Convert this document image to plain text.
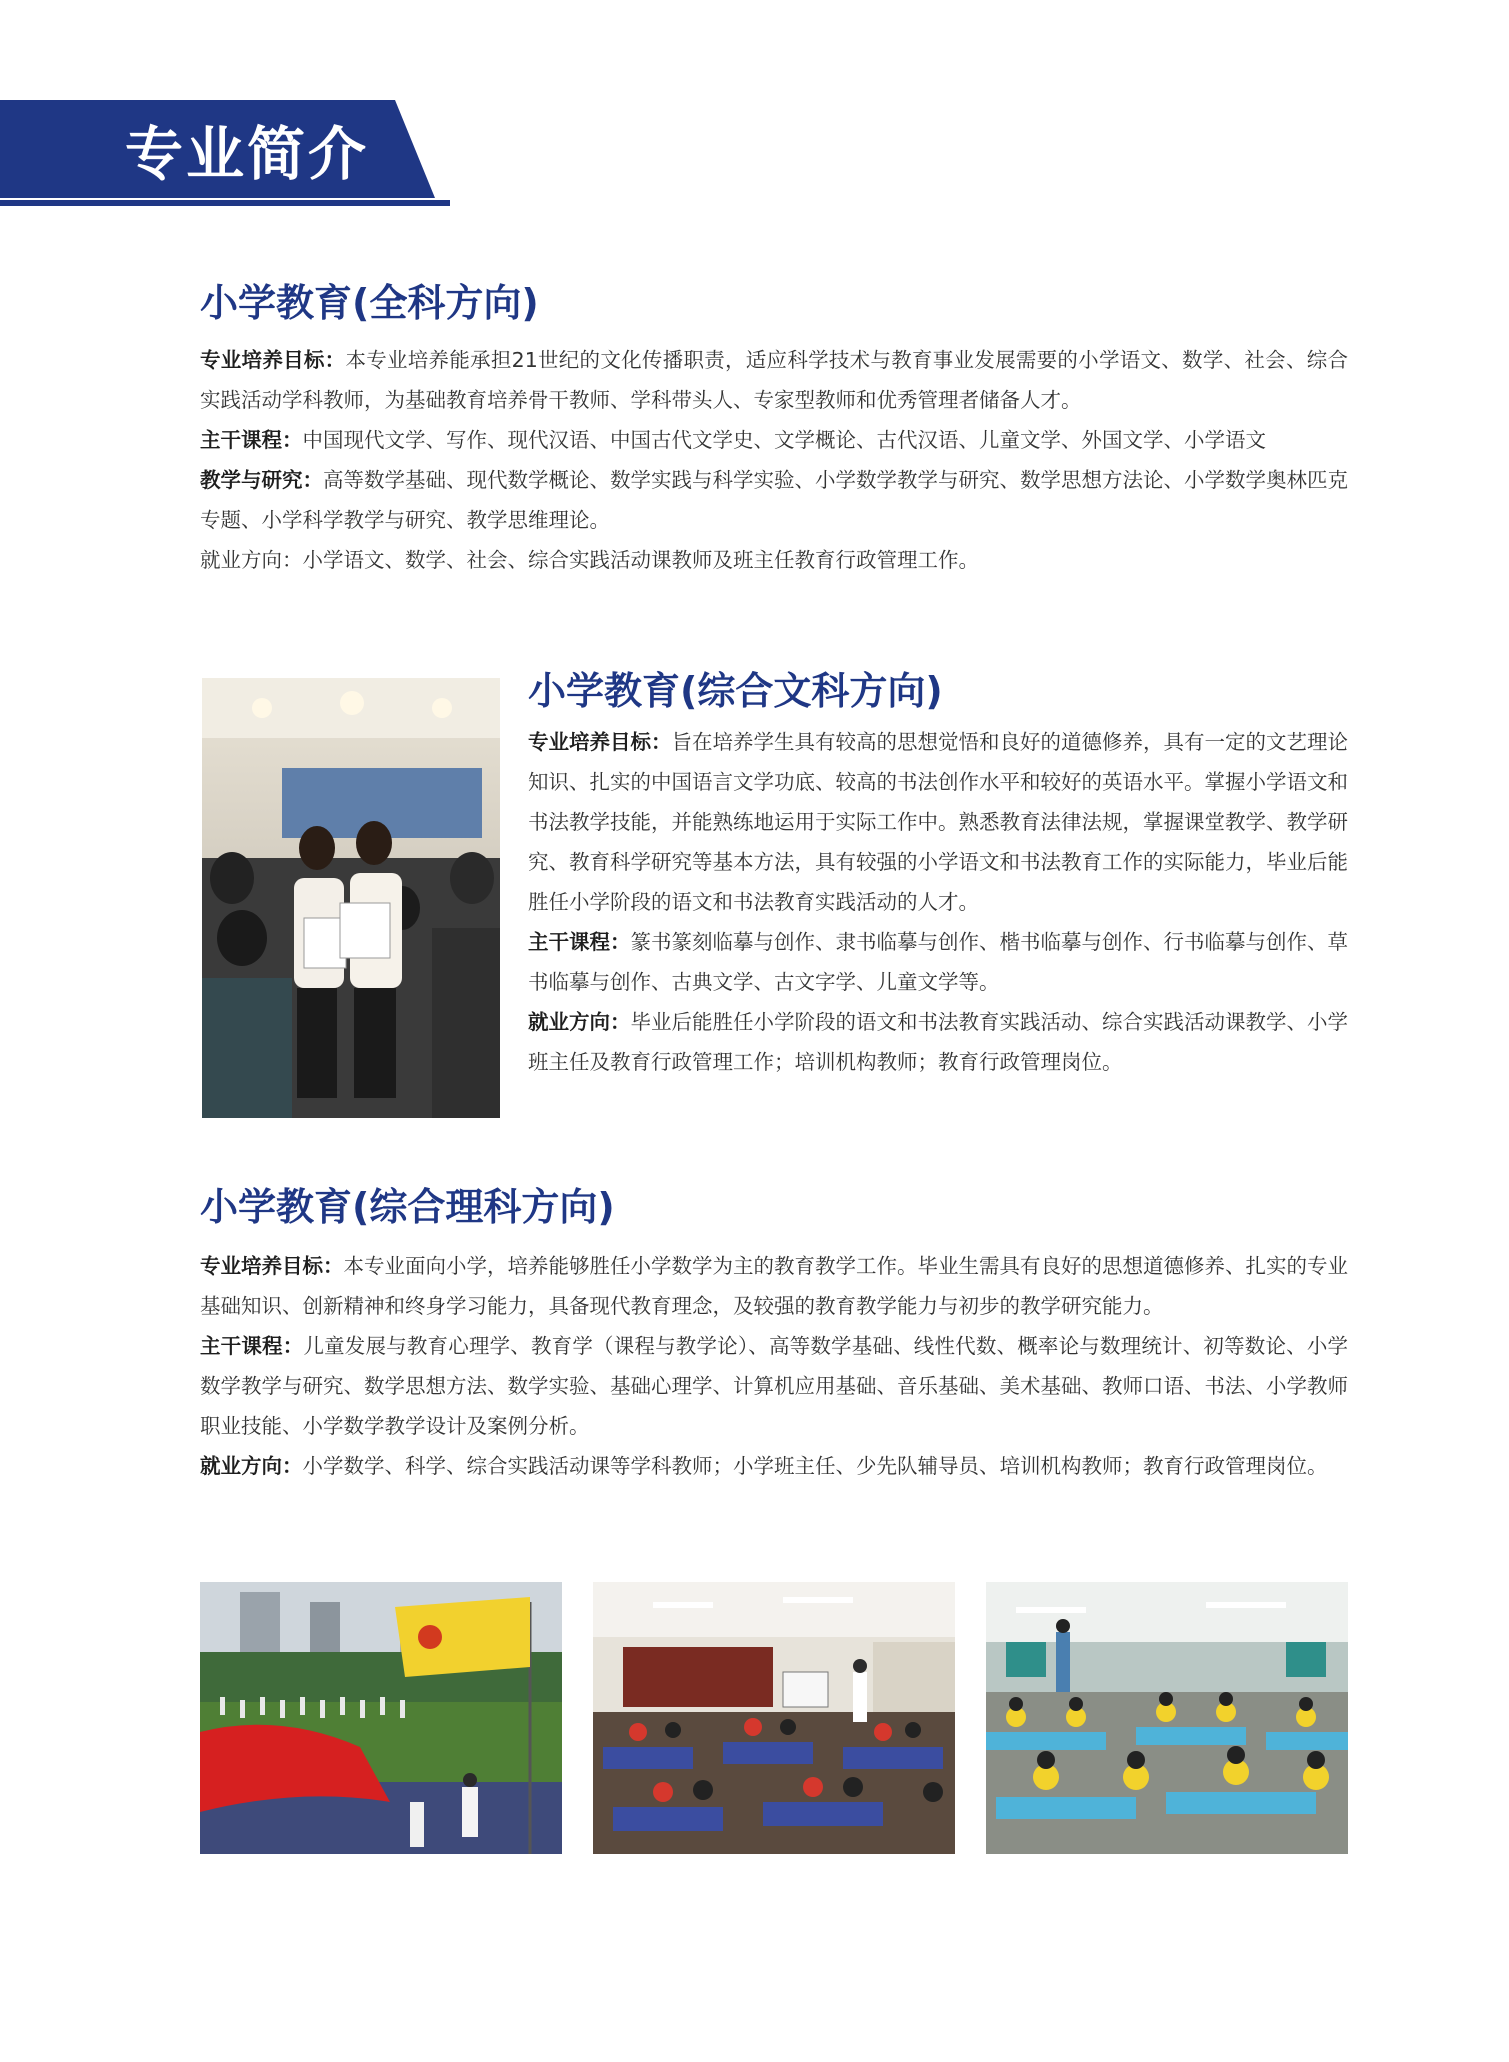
专业简介
小学教育(全科方向)

专业培养目标：本专业培养能承担21世纪的文化传播职责，适应科学技术与教育事业发展需要的小学语文、数学、社会、综合实践活动学科教师，为基础教育培养骨干教师、学科带头人、专家型教师和优秀管理者储备人才。

主干课程：中国现代文学、写作、现代汉语、中国古代文学史、文学概论、古代汉语、儿童文学、外国文学、小学语文

教学与研究：高等数学基础、现代数学概论、数学实践与科学实验、小学数学教学与研究、数学思想方法论、小学数学奥林匹克专题、小学科学教学与研究、教学思维理论。

就业方向：小学语文、数学、社会、综合实践活动课教师及班主任教育行政管理工作。

小学教育(综合文科方向)

专业培养目标：旨在培养学生具有较高的思想觉悟和良好的道德修养，具有一定的文艺理论知识、扎实的中国语言文学功底、较高的书法创作水平和较好的英语水平。掌握小学语文和书法教学技能，并能熟练地运用于实际工作中。熟悉教育法律法规，掌握课堂教学、教学研究、教育科学研究等基本方法，具有较强的小学语文和书法教育工作的实际能力，毕业后能胜任小学阶段的语文和书法教育实践活动的人才。

主干课程：篆书篆刻临摹与创作、隶书临摹与创作、楷书临摹与创作、行书临摹与创作、草书临摹与创作、古典文学、古文字学、儿童文学等。

就业方向：毕业后能胜任小学阶段的语文和书法教育实践活动、综合实践活动课教学、小学班主任及教育行政管理工作；培训机构教师；教育行政管理岗位。

小学教育(综合理科方向)

专业培养目标：本专业面向小学，培养能够胜任小学数学为主的教育教学工作。毕业生需具有良好的思想道德修养、扎实的专业基础知识、创新精神和终身学习能力，具备现代教育理念，及较强的教育教学能力与初步的教学研究能力。

主干课程：儿童发展与教育心理学、教育学（课程与教学论）、高等数学基础、线性代数、概率论与数理统计、初等数论、小学数学教学与研究、数学思想方法、数学实验、基础心理学、计算机应用基础、音乐基础、美术基础、教师口语、书法、小学教师职业技能、小学数学教学设计及案例分析。

就业方向：小学数学、科学、综合实践活动课等学科教师；小学班主任、少先队辅导员、培训机构教师；教育行政管理岗位。
